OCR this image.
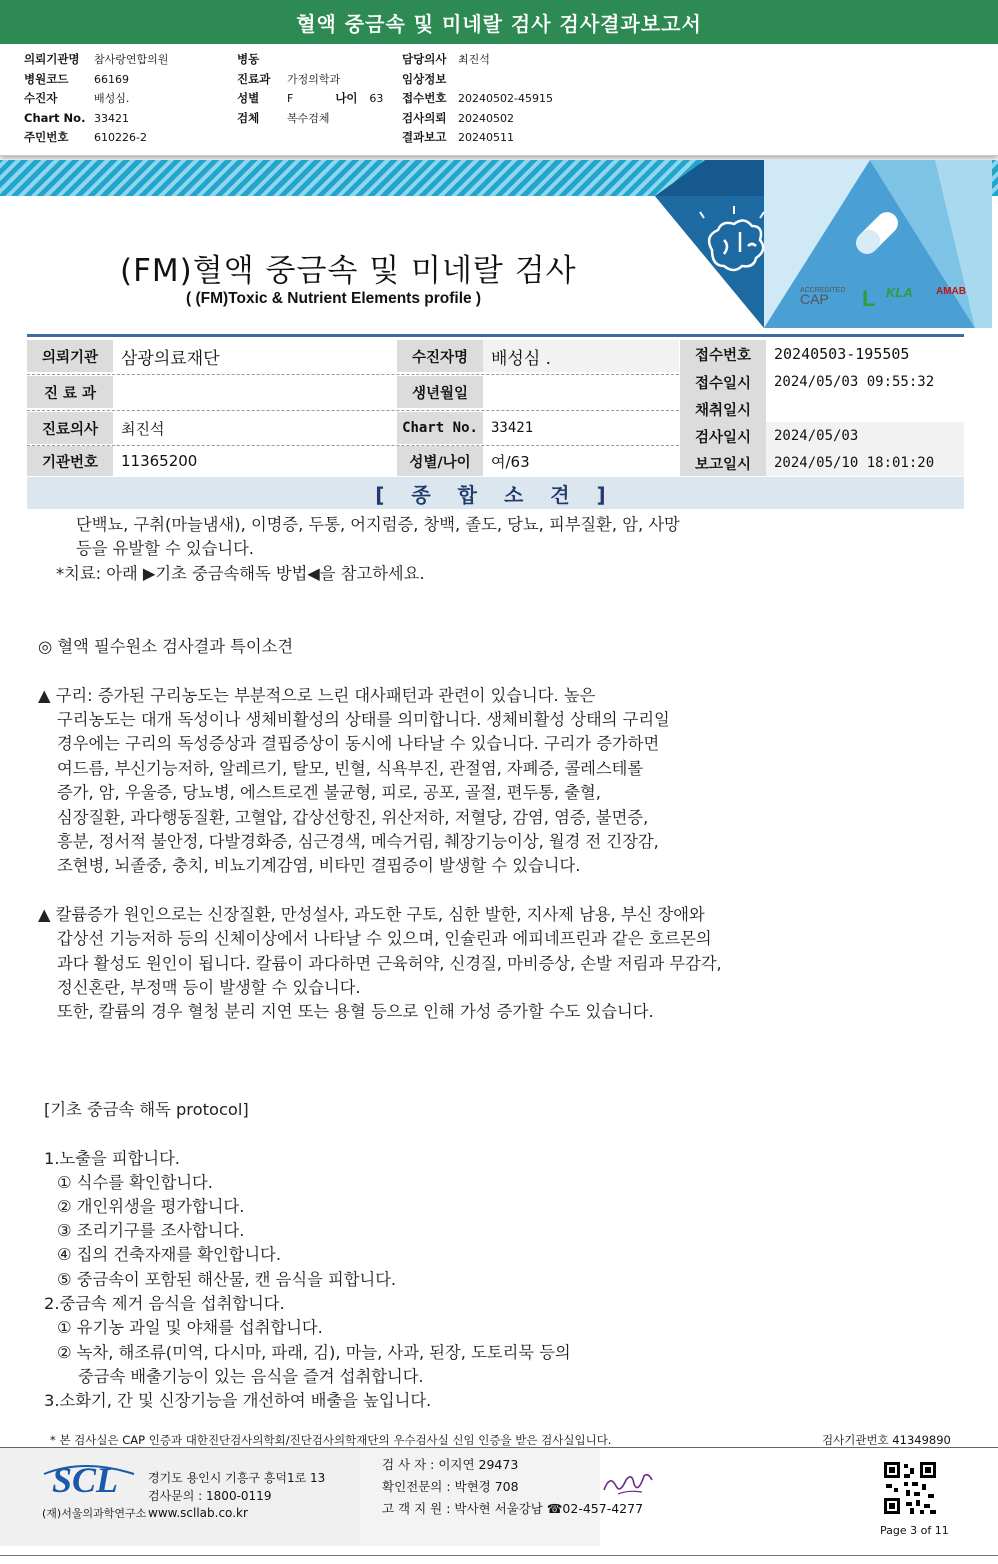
혈액 중금속 및 미네랄 검사 검사결과보고서
의뢰기관명 참사랑연합의원
병원코드 66169
수진자	배성심.
Chart No. 33421
주민번호 610226-2
병동
진료과 가정의학과
성별	F	나이 63
검체	복수검체
담당의사 최진석
임상정보
접수번호 20240502-45915
검사의뢰 20240502
결과보고 20240511
(FM)혈액 중금속 및 미네랄 검사
( (FM)Toxic & Nutrient Elements profile )	CAP
ACCREDITED L KLA	AMAB
의뢰기관	삼광의료재단
진 료 과
진료의사	최진석
기관번호	11365200
수진자명	배성심 .
생년월일
Chart No. 33421
성별/나이	여/63
접수번호	20240503-195505
접수일시	2024/05/03 09:55:32
채취일시
검사일시	2024/05/03
보고일시	2024/05/10 18:01:20
[ 종 합 소 견 ]
단백뇨, 구취(마늘냄새), 이명증, 두통, 어지럼증, 창백, 졸도, 당뇨, 피부질환, 암, 사망
등을 유발할 수 있습니다.
*치료: 아래 ▶기초 중금속해독 방법◀을 참고하세요.
◎ 혈액 필수원소 검사결과 특이소견
▲ 구리: 증가된 구리농도는 부분적으로 느린 대사패턴과 관련이 있습니다. 높은
구리농도는 대개 독성이나 생체비활성의 상태를 의미합니다. 생체비활성 상태의 구리일
경우에는 구리의 독성증상과 결핍증상이 동시에 나타날 수 있습니다. 구리가 증가하면
여드름, 부신기능저하, 알레르기, 탈모, 빈혈, 식욕부진, 관절염, 자폐증, 콜레스테롤
증가, 암, 우울증, 당뇨병, 에스트로겐 불균형, 피로, 공포, 골절, 편두통, 출혈,
심장질환, 과다행동질환, 고혈압, 갑상선항진, 위산저하, 저혈당, 감염, 염증, 불면증,
흥분, 정서적 불안정, 다발경화증, 심근경색, 메슥거림, 췌장기능이상, 월경 전 긴장감,
조현병, 뇌졸중, 충치, 비뇨기계감염, 비타민 결핍증이 발생할 수 있습니다.
▲ 칼륨증가 원인으로는 신장질환, 만성설사, 과도한 구토, 심한 발한, 지사제 남용, 부신 장애와
갑상선 기능저하 등의 신체이상에서 나타날 수 있으며, 인슐린과 에피네프린과 같은 호르몬의
과다 활성도 원인이 됩니다. 칼륨이 과다하면 근육허약, 신경질, 마비증상, 손발 저림과 무감각,
정신혼란, 부정맥 등이 발생할 수 있습니다.
또한, 칼륨의 경우 혈청 분리 지연 또는 용혈 등으로 인해 가성 증가할 수도 있습니다.
[기초 중금속 해독 protocol]
1.노출을 피합니다.
① 식수를 확인합니다.
② 개인위생을 평가합니다.
③ 조리기구를 조사합니다.
④ 집의 건축자재를 확인합니다.
⑤ 중금속이 포함된 해산물, 캔 음식을 피합니다.
2.중금속 제거 음식을 섭취합니다.
① 유기농 과일 및 야채를 섭취합니다.
② 녹차, 해조류(미역, 다시마, 파래, 김), 마늘, 사과, 된장, 도토리묵 등의
중금속 배출기능이 있는 음식을 즐겨 섭취합니다.
3.소화기, 간 및 신장기능을 개선하여 배출을 높입니다.
* 본 검사실은 CAP 인증과 대한진단검사의학회/진단검사의학재단의 우수검사실 신임 인증을 받은 검사실입니다.	검사기관번호 41349890
SCL
(재)서울의과학연구소
경기도 용인시 기흥구 흥덕1로 13
검사문의 : 1800-0119
www.scllab.co.kr
검 사 자 : 이지연 29473
확인전문의 : 박현경 708
고 객 지 원 : 박사현 서울강남 ☎02-457-4277
Page 3 of 11
